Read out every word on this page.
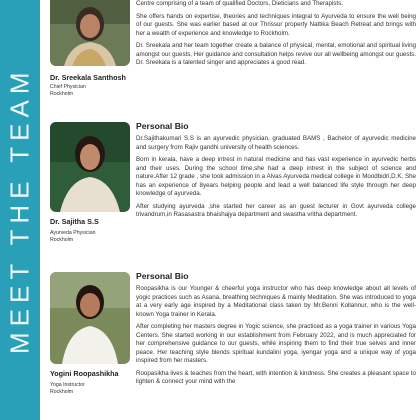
MEET THE TEAM Dr. Sreekala Santhosh
Chief Physician
Rockholm

Centre comprising of a team of qualified Doctors, Dieticians and Therapists.

She offers hands on expertise, theories and techniques integral to Ayurveda to ensure the well being of our guests. She was earlier based at our Thrissur property Nattika Beach Retreat and brings with her a wealth of experience and knowledge to Rockholm.

Dr. Sreekala and her team together create a balance of physical, mental, emotional and spiritual living amongst our guests. Her guidance and consultation helps revive our all wellbeing amongst our guests. Dr. Sreekala is a talented singer and appreciates a good read.

Dr. Sajitha S.S
Ayurveda Physician
Rockholm
Personal Bio

Dr.Sajithakumari S.S is an ayurvedic physician, graduated BAMS , Bachelor of ayurvedic medicine and surgery from Rajiv gandhi university of health sciences.

Born in kerala, have a deep intrest in natural medicine and has vast experience in ayurvedic herbs and their uses. During the school time,she had a deep intrest in the subject of science and nature.After 12 grade , she took admission in a Alvas Ayurveda medical college in Moodbidri,D.K. She has an experience of 8years helping people and lead a well balanced life style through her deep knowledge of ayurveda.

After studying ayurveda ,she started her career as an guest lecturer in Govt ayurveda college trivandrum,in Rasasastra bhaishajya department and swastha vritha department.

Yogini Roopashikha
Yoga Instructor
Rockholm
Personal Bio

Roopasikha is our Younger & cheerful yoga instructor who has deep knowledge about all levels of yogic practices such as Asana, breathing techniques & mainly Meditation. She was introduced to yoga at a very early age inspired by a Meditational class taken by Mr.Benni Kollannur, who is the well-known Yoga trainer in Kerala.

After completing her masters degree in Yogic science, she practiced as a yoga trainer in various Yoga Centers. She started working in our establishment from February 2022, and is much appreciated for her comprehensive guidance to our guests, while inspiring them to find their true selves and inner peace. Her teaching style blends spiritual kundalini yoga, iyengar yoga and a unique way of yoga inspired from her masters.

Roopasikha lives & teaches from the heart, with intention & kindness. She creates a pleasant space to lighten & connect your mind with the
